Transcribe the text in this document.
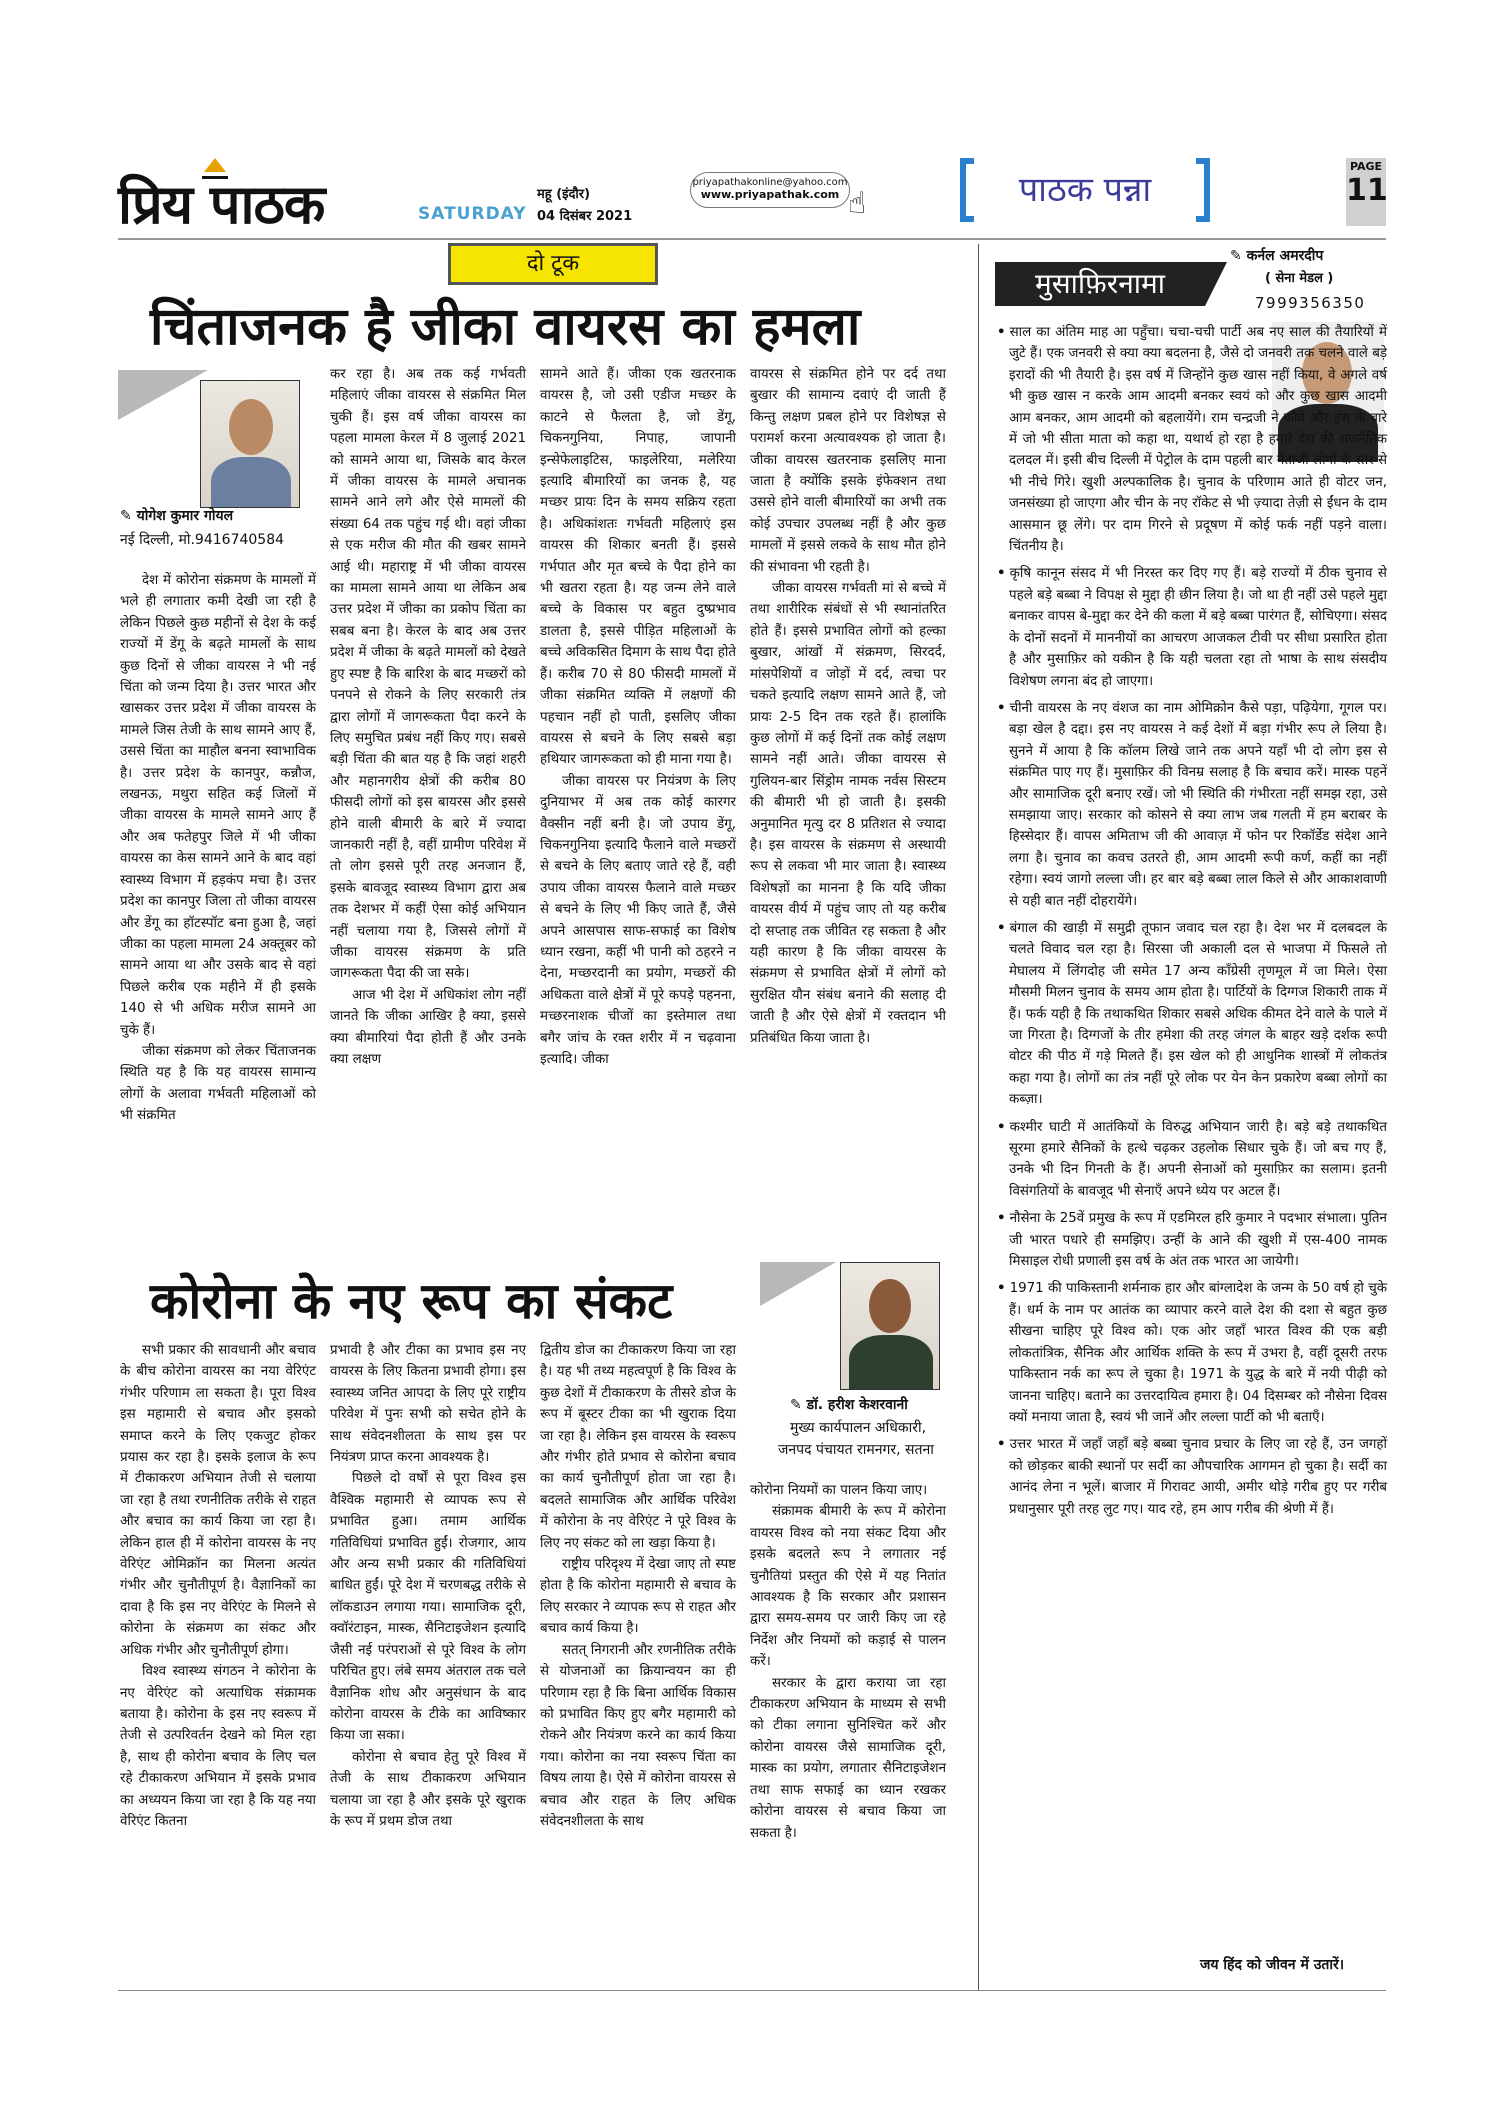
प्रिय पाठक	SATURDAY
महू (इंदौर)
04 दिसंबर 2021
priyapathakonline@yahoo.com
www.priyapathak.com ☝	पाठक पन्ना
PAGE
11
दो टूक
चिंताजनक है जीका वायरस का हमला
✎ योगेश कुमार गोयल
नई दिल्ली, मो.9416740584

देश में कोरोना संक्रमण के मामलों में भले ही लगातार कमी देखी जा रही है लेकिन पिछले कुछ महीनों से देश के कई राज्यों में डेंगू के बढ़ते मामलों के साथ कुछ दिनों से जीका वायरस ने भी नई चिंता को जन्म दिया है। उत्तर भारत और खासकर उत्तर प्रदेश में जीका वायरस के मामले जिस तेजी के साथ सामने आए हैं, उससे चिंता का माहौल बनना स्वाभाविक है। उत्तर प्रदेश के कानपुर, कन्नौज, लखनऊ, मथुरा सहित कई जिलों में जीका वायरस के मामले सामने आए हैं और अब फतेहपुर जिले में भी जीका वायरस का केस सामने आने के बाद वहां स्वास्थ्य विभाग में हड़कंप मचा है। उत्तर प्रदेश का कानपुर जिला तो जीका वायरस और डेंगू का हॉटस्पॉट बना हुआ है, जहां जीका का पहला मामला 24 अक्तूबर को सामने आया था और उसके बाद से वहां पिछले करीब एक महीने में ही इसके 140 से भी अधिक मरीज सामने आ चुके हैं।

जीका संक्रमण को लेकर चिंताजनक स्थिति यह है कि यह वायरस सामान्य लोगों के अलावा गर्भवती महिलाओं को भी संक्रमित

कर रहा है। अब तक कई गर्भवती महिलाएं जीका वायरस से संक्रमित मिल चुकी हैं। इस वर्ष जीका वायरस का पहला मामला केरल में 8 जुलाई 2021 को सामने आया था, जिसके बाद केरल में जीका वायरस के मामले अचानक सामने आने लगे और ऐसे मामलों की संख्या 64 तक पहुंच गई थी। वहां जीका से एक मरीज की मौत की खबर सामने आई थी। महाराष्ट्र में भी जीका वायरस का मामला सामने आया था लेकिन अब उत्तर प्रदेश में जीका का प्रकोप चिंता का सबब बना है। केरल के बाद अब उत्तर प्रदेश में जीका के बढ़ते मामलों को देखते हुए स्पष्ट है कि बारिश के बाद मच्छरों को पनपने से रोकने के लिए सरकारी तंत्र द्वारा लोगों में जागरूकता पैदा करने के लिए समुचित प्रबंध नहीं किए गए। सबसे बड़ी चिंता की बात यह है कि जहां शहरी और महानगरीय क्षेत्रों की करीब 80 फीसदी लोगों को इस बायरस और इससे होने वाली बीमारी के बारे में ज्यादा जानकारी नहीं है, वहीं ग्रामीण परिवेश में तो लोग इससे पूरी तरह अनजान हैं, इसके बावजूद स्वास्थ्य विभाग द्वारा अब तक देशभर में कहीं ऐसा कोई अभियान नहीं चलाया गया है, जिससे लोगों में जीका वायरस संक्रमण के प्रति जागरूकता पैदा की जा सके।

आज भी देश में अधिकांश लोग नहीं जानते कि जीका आखिर है क्या, इससे क्या बीमारियां पैदा होती हैं और उनके क्या लक्षण

सामने आते हैं। जीका एक खतरनाक वायरस है, जो उसी एडीज मच्छर के काटने से फैलता है, जो डेंगू, चिकनगुनिया, निपाह, जापानी इन्सेफेलाइटिस, फाइलेरिया, मलेरिया इत्यादि बीमारियों का जनक है, यह मच्छर प्रायः दिन के समय सक्रिय रहता है। अधिकांशतः गर्भवती महिलाएं इस वायरस की शिकार बनती हैं। इससे गर्भपात और मृत बच्चे के पैदा होने का भी खतरा रहता है। यह जन्म लेने वाले बच्चे के विकास पर बहुत दुष्प्रभाव डालता है, इससे पीड़ित महिलाओं के बच्चे अविकसित दिमाग के साथ पैदा होते हैं। करीब 70 से 80 फीसदी मामलों में जीका संक्रमित व्यक्ति में लक्षणों की पहचान नहीं हो पाती, इसलिए जीका वायरस से बचने के लिए सबसे बड़ा हथियार जागरूकता को ही माना गया है।

जीका वायरस पर नियंत्रण के लिए दुनियाभर में अब तक कोई कारगर वैक्सीन नहीं बनी है। जो उपाय डेंगू, चिकनगुनिया इत्यादि फैलाने वाले मच्छरों से बचने के लिए बताए जाते रहे हैं, वही उपाय जीका वायरस फैलाने वाले मच्छर से बचने के लिए भी किए जाते हैं, जैसे अपने आसपास साफ-सफाई का विशेष ध्यान रखना, कहीं भी पानी को ठहरने न देना, मच्छरदानी का प्रयोग, मच्छरों की अधिकता वाले क्षेत्रों में पूरे कपड़े पहनना, मच्छरनाशक चीजों का इस्तेमाल तथा बगैर जांच के रक्त शरीर में न चढ़वाना इत्यादि। जीका

वायरस से संक्रमित होने पर दर्द तथा बुखार की सामान्य दवाएं दी जाती हैं किन्तु लक्षण प्रबल होने पर विशेषज्ञ से परामर्श करना अत्यावश्यक हो जाता है। जीका वायरस खतरनाक इसलिए माना जाता है क्योंकि इसके इंफेक्शन तथा उससे होने वाली बीमारियों का अभी तक कोई उपचार उपलब्ध नहीं है और कुछ मामलों में इससे लकवे के साथ मौत होने की संभावना भी रहती है।

जीका वायरस गर्भवती मां से बच्चे में तथा शारीरिक संबंधों से भी स्थानांतरित होते हैं। इससे प्रभावित लोगों को हल्का बुखार, आंखों में संक्रमण, सिरदर्द, मांसपेशियों व जोड़ों में दर्द, त्वचा पर चकते इत्यादि लक्षण सामने आते हैं, जो प्रायः 2-5 दिन तक रहते हैं। हालांकि कुछ लोगों में कई दिनों तक कोई लक्षण सामने नहीं आते। जीका वायरस से गुलियन-बार सिंड्रोम नामक नर्वस सिस्टम की बीमारी भी हो जाती है। इसकी अनुमानित मृत्यु दर 8 प्रतिशत से ज्यादा है। इस वायरस के संक्रमण से अस्थायी रूप से लकवा भी मार जाता है। स्वास्थ्य विशेषज्ञों का मानना है कि यदि जीका वायरस वीर्य में पहुंच जाए तो यह करीब दो सप्ताह तक जीवित रह सकता है और यही कारण है कि जीका वायरस के संक्रमण से प्रभावित क्षेत्रों में लोगों को सुरक्षित यौन संबंध बनाने की सलाह दी जाती है और ऐसे क्षेत्रों में रक्तदान भी प्रतिबंधित किया जाता है।

कोरोना के नए रूप का संकट
✎ डॉ. हरीश केशरवानी
मुख्य कार्यपालन अधिकारी,
जनपद पंचायत रामनगर, सतना

सभी प्रकार की सावधानी और बचाव के बीच कोरोना वायरस का नया वेरिएंट गंभीर परिणाम ला सकता है। पूरा विश्व इस महामारी से बचाव और इसको समाप्त करने के लिए एकजुट होकर प्रयास कर रहा है। इसके इलाज के रूप में टीकाकरण अभियान तेजी से चलाया जा रहा है तथा रणनीतिक तरीके से राहत और बचाव का कार्य किया जा रहा है। लेकिन हाल ही में कोरोना वायरस के नए वेरिएंट ओमिक्रॉन का मिलना अत्यंत गंभीर और चुनौतीपूर्ण है। वैज्ञानिकों का दावा है कि इस नए वेरिएंट के मिलने से कोरोना के संक्रमण का संकट और अधिक गंभीर और चुनौतीपूर्ण होगा।

विश्व स्वास्थ्य संगठन ने कोरोना के नए वेरिएंट को अत्याधिक संक्रामक बताया है। कोरोना के इस नए स्वरूप में तेजी से उत्परिवर्तन देखने को मिल रहा है, साथ ही कोरोना बचाव के लिए चल रहे टीकाकरण अभियान में इसके प्रभाव का अध्ययन किया जा रहा है कि यह नया वेरिएंट कितना

प्रभावी है और टीका का प्रभाव इस नए वायरस के लिए कितना प्रभावी होगा। इस स्वास्थ्य जनित आपदा के लिए पूरे राष्ट्रीय परिवेश में पुनः सभी को सचेत होने के साथ संवेदनशीलता के साथ इस पर नियंत्रण प्राप्त करना आवश्यक है।

पिछले दो वर्षों से पूरा विश्व इस वैश्विक महामारी से व्यापक रूप से प्रभावित हुआ। तमाम आर्थिक गतिविधियां प्रभावित हुईं। रोजगार, आय और अन्य सभी प्रकार की गतिविधियां बाधित हुईं। पूरे देश में चरणबद्ध तरीके से लॉकडाउन लगाया गया। सामाजिक दूरी, क्वॉरंटाइन, मास्क, सैनिटाइजेशन इत्यादि जैसी नई परंपराओं से पूरे विश्व के लोग परिचित हुए। लंबे समय अंतराल तक चले वैज्ञानिक शोध और अनुसंधान के बाद कोरोना वायरस के टीके का आविष्कार किया जा सका।

कोरोना से बचाव हेतु पूरे विश्व में तेजी के साथ टीकाकरण अभियान चलाया जा रहा है और इसके पूरे खुराक के रूप में प्रथम डोज तथा

द्वितीय डोज का टीकाकरण किया जा रहा है। यह भी तथ्य महत्वपूर्ण है कि विश्व के कुछ देशों में टीकाकरण के तीसरे डोज के रूप में बूस्टर टीका का भी खुराक दिया जा रहा है। लेकिन इस वायरस के स्वरूप और गंभीर होते प्रभाव से कोरोना बचाव का कार्य चुनौतीपूर्ण होता जा रहा है। बदलते सामाजिक और आर्थिक परिवेश में कोरोना के नए वेरिएंट ने पूरे विश्व के लिए नए संकट को ला खड़ा किया है।

राष्ट्रीय परिदृश्य में देखा जाए तो स्पष्ट होता है कि कोरोना महामारी से बचाव के लिए सरकार ने व्यापक रूप से राहत और बचाव कार्य किया है।

सतत् निगरानी और रणनीतिक तरीके से योजनाओं का क्रियान्वयन का ही परिणाम रहा है कि बिना आर्थिक विकास को प्रभावित किए हुए बगैर महामारी को रोकने और नियंत्रण करने का कार्य किया गया। कोरोना का नया स्वरूप चिंता का विषय लाया है। ऐसे में कोरोना वायरस से बचाव और राहत के लिए अधिक संवेदनशीलता के साथ

कोरोना नियमों का पालन किया जाए।

संक्रामक बीमारी के रूप में कोरोना वायरस विश्व को नया संकट दिया और इसके बदलते रूप ने लगातार नई चुनौतियां प्रस्तुत की ऐसे में यह नितांत आवश्यक है कि सरकार और प्रशासन द्वारा समय-समय पर जारी किए जा रहे निर्देश और नियमों को कड़ाई से पालन करें।

सरकार के द्वारा कराया जा रहा टीकाकरण अभियान के माध्यम से सभी को टीका लगाना सुनिश्चित करें और कोरोना वायरस जैसे सामाजिक दूरी, मास्क का प्रयोग, लगातार सैनिटाइजेशन तथा साफ सफाई का ध्यान रखकर कोरोना वायरस से बचाव किया जा सकता है।

मुसाफ़िरनामा
✎ कर्नल अमरदीप
( सेना मेडल )
7999356350
• साल का अंतिम माह आ पहुँचा। चचा-चची पार्टी अब नए साल की तैयारियों में जुटे हैं। एक जनवरी से क्या क्या बदलना है, जैसे दो जनवरी तक चलने वाले बड़े इरादों की भी तैयारी है। इस वर्ष में जिन्होंने कुछ खास नहीं किया, वे अगले वर्ष भी कुछ खास न करके आम आदमी बनकर स्वयं को और कुछ खास आदमी आम बनकर, आम आदमी को बहलायेंगे। राम चन्द्रजी ने कौवे और हंस के बारे में जो भी सीता माता को कहा था, यथार्थ हो रहा है हमारे देश की राजनैतिक दलदल में। इसी बीच दिल्ली में पेट्रोल के दाम पहली बार नेताजी लोगों के स्तर से भी नीचे गिरे। खुशी अल्पकालिक है। चुनाव के परिणाम आते ही वोटर जन, जनसंख्या हो जाएगा और चीन के नए रॉकेट से भी ज़्यादा तेज़ी से ईंधन के दाम आसमान छू लेंगे। पर दाम गिरने से प्रदूषण में कोई फर्क नहीं पड़ने वाला। चिंतनीय है।
• कृषि कानून संसद में भी निरस्त कर दिए गए हैं। बड़े राज्यों में ठीक चुनाव से पहले बड़े बब्बा ने विपक्ष से मुद्दा ही छीन लिया है। जो था ही नहीं उसे पहले मुद्दा बनाकर वापस बे-मुद्दा कर देने की कला में बड़े बब्बा पारंगत हैं, सोचिएगा। संसद के दोनों सदनों में माननीयों का आचरण आजकल टीवी पर सीधा प्रसारित होता है और मुसाफ़िर को यकीन है कि यही चलता रहा तो भाषा के साथ संसदीय विशेषण लगना बंद हो जाएगा।
• चीनी वायरस के नए वंशज का नाम ओमिक्रोन कैसे पड़ा, पढ़ियेगा, गूगल पर। बड़ा खेल है दद्दा। इस नए वायरस ने कई देशों में बड़ा गंभीर रूप ले लिया है। सुनने में आया है कि कॉलम लिखे जाने तक अपने यहाँ भी दो लोग इस से संक्रमित पाए गए हैं। मुसाफ़िर की विनम्र सलाह है कि बचाव करें। मास्क पहनें और सामाजिक दूरी बनाए रखें। जो भी स्थिति की गंभीरता नहीं समझ रहा, उसे समझाया जाए। सरकार को कोसने से क्या लाभ जब गलती में हम बराबर के हिस्सेदार हैं। वापस अमिताभ जी की आवाज़ में फोन पर रिकॉर्डेड संदेश आने लगा है। चुनाव का कवच उतरते ही, आम आदमी रूपी कर्ण, कहीं का नहीं रहेगा। स्वयं जागो लल्ला जी। हर बार बड़े बब्बा लाल किले से और आकाशवाणी से यही बात नहीं दोहरायेंगे।
• बंगाल की खाड़ी में समुद्री तूफान जवाद चल रहा है। देश भर में दलबदल के चलते विवाद चल रहा है। सिरसा जी अकाली दल से भाजपा में फिसले तो मेघालय में लिंगदोह जी समेत 17 अन्य कॉंग्रेसी तृणमूल में जा मिले। ऐसा मौसमी मिलन चुनाव के समय आम होता है। पार्टियों के दिग्गज शिकारी ताक में हैं। फर्क यही है कि तथाकथित शिकार सबसे अधिक कीमत देने वाले के पाले में जा गिरता है। दिग्गजों के तीर हमेशा की तरह जंगल के बाहर खड़े दर्शक रूपी वोटर की पीठ में गड़े मिलते हैं। इस खेल को ही आधुनिक शास्त्रों में लोकतंत्र कहा गया है। लोगों का तंत्र नहीं पूरे लोक पर येन केन प्रकारेण बब्बा लोगों का कब्ज़ा।
• कश्मीर घाटी में आतंकियों के विरुद्ध अभियान जारी है। बड़े बड़े तथाकथित सूरमा हमारे सैनिकों के हत्थे चढ़कर उहलोक सिधार चुके हैं। जो बच गए हैं, उनके भी दिन गिनती के हैं। अपनी सेनाओं को मुसाफ़िर का सलाम। इतनी विसंगतियों के बावजूद भी सेनाएँ अपने ध्येय पर अटल हैं।
• नौसेना के 25वें प्रमुख के रूप में एडमिरल हरि कुमार ने पदभार संभाला। पुतिन जी भारत पधारे ही समझिए। उन्हीं के आने की खुशी में एस-400 नामक मिसाइल रोधी प्रणाली इस वर्ष के अंत तक भारत आ जायेगी।
• 1971 की पाकिस्तानी शर्मनाक हार और बांग्लादेश के जन्म के 50 वर्ष हो चुके हैं। धर्म के नाम पर आतंक का व्यापार करने वाले देश की दशा से बहुत कुछ सीखना चाहिए पूरे विश्व को। एक ओर जहाँ भारत विश्व की एक बड़ी लोकतांत्रिक, सैनिक और आर्थिक शक्ति के रूप में उभरा है, वहीं दूसरी तरफ पाकिस्तान नर्क का रूप ले चुका है। 1971 के युद्ध के बारे में नयी पीढ़ी को जानना चाहिए। बताने का उत्तरदायित्व हमारा है। 04 दिसम्बर को नौसेना दिवस क्यों मनाया जाता है, स्वयं भी जानें और लल्ला पार्टी को भी बताएँ।
• उत्तर भारत में जहाँ जहाँ बड़े बब्बा चुनाव प्रचार के लिए जा रहे हैं, उन जगहों को छोड़कर बाकी स्थानों पर सर्दी का औपचारिक आगमन हो चुका है। सर्दी का आनंद लेना न भूलें। बाजार में गिरावट आयी, अमीर थोड़े गरीब हुए पर गरीब प्रधानुसार पूरी तरह लुट गए। याद रहे, हम आप गरीब की श्रेणी में हैं।
जय हिंद को जीवन में उतारें।
